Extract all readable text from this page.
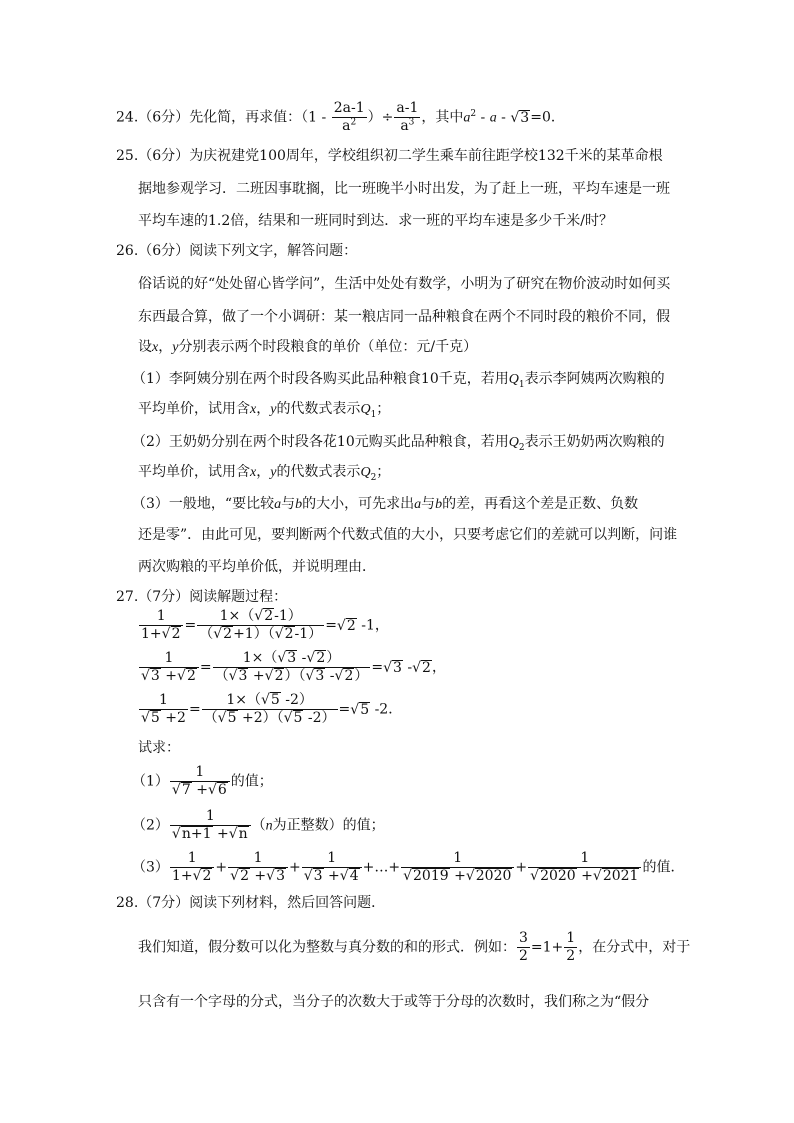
24.（6分）先化简，再求值：（$1 - \frac{2a-1}{a^2}$ ）÷ $\frac{a-1}{a^3}$ ，其中$a^2 - a - √3=0$．
25.（6分）为庆祝建党100周年，学校组织初二学生乘车前往距学校132千米的某革命根
据地参观学习．二班因事耽搁，比一班晚半小时出发，为了赶上一班，平均车速是一班
平均车速的1.2倍，结果和一班同时到达．求一班的平均车速是多少千米/时？
26.（6分）阅读下列文字，解答问题：
俗话说的好“处处留心皆学问”，生活中处处有数学，小明为了研究在物价波动时如何买
东西最合算，做了一个小调研：某一粮店同一品种粮食在两个不同时段的粮价不同，假
设x，y分别表示两个时段粮食的单价（单位：元/千克）
（1）李阿姨分别在两个时段各购买此品种粮食10千克，若用$Q_1$表示李阿姨两次购粮的
平均单价，试用含x，y的代数式表示$Q_1$；
（2）王奶奶分别在两个时段各花10元购买此品种粮食，若用$Q_2$表示王奶奶两次购粮的
平均单价，试用含x，y的代数式表示$Q_2$；
（3）一般地，“要比较a与b的大小，可先求出a与b的差，再看这个差是正数、负数
还是零”．由此可见，要判断两个代数式值的大小，只要考虑它们的差就可以判断，问谁
两次购粮的平均单价低，并说明理由．
27.（7分）阅读解题过程：
$\frac{1}{1+√2} = \frac{1\times(√2-1)}{(√2+1)(√2-1)} =√2$ -1，
$\frac{1}{√3 +√2} = \frac{1\times(√3 -√2)}{(√3 +√2)(√3 -√2)} =√3$ -√2，
$\frac{1}{√5 +2} = \frac{1\times(√5 -2)}{(√5 +2)(√5 -2)} =√5$ -2．
试求：
$(1) \frac{1}{√7 +√6}$ 的值；
$(2) \frac{1}{√n+1 +√n} (n$为正整数）的值；
$(3) \frac{1}{1+√2} + \frac{1}{√2 +√3} + \frac{1}{√3 +√4}$ +…+ $\frac{1}{√2019 +√2020} + \frac{1}{√2020 +√2021}$ 的值．
28.（7分）阅读下列材料，然后回答问题．
我们知道，假分数可以化为整数与真分数的和的形式．例如： $\frac{3}{2} =1+ \frac{1}{2}$ ，在分式中，对于
只含有一个字母的分式，当分子的次数大于或等于分母的次数时，我们称之为“假分
